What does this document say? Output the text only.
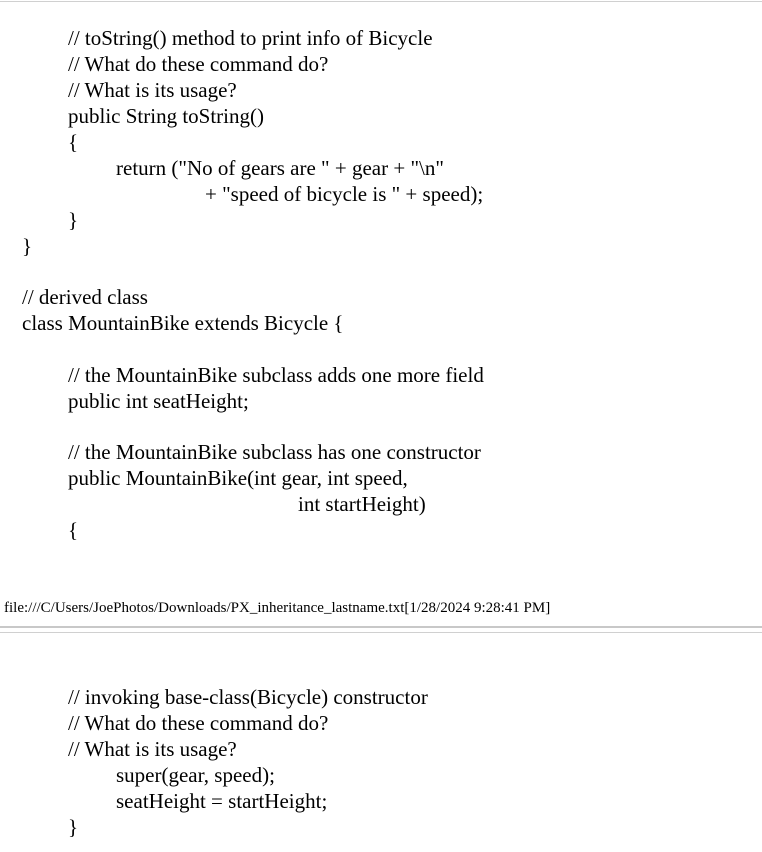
// toString() method to print info of Bicycle

// What do these command do?

// What is its usage?

public String toString()

{

return ("No of gears are " + gear + "\n"

+ "speed of bicycle is " + speed);

}

}

// derived class

class MountainBike extends Bicycle {

// the MountainBike subclass adds one more field

public int seatHeight;

// the MountainBike subclass has one constructor

public MountainBike(int gear, int speed,

int startHeight)

{

file:///C/Users/JoePhotos/Downloads/PX_inheritance_lastname.txt[1/28/2024 9:28:41 PM]

// invoking base-class(Bicycle) constructor

// What do these command do?

// What is its usage?

super(gear, speed);

seatHeight = startHeight;

}
